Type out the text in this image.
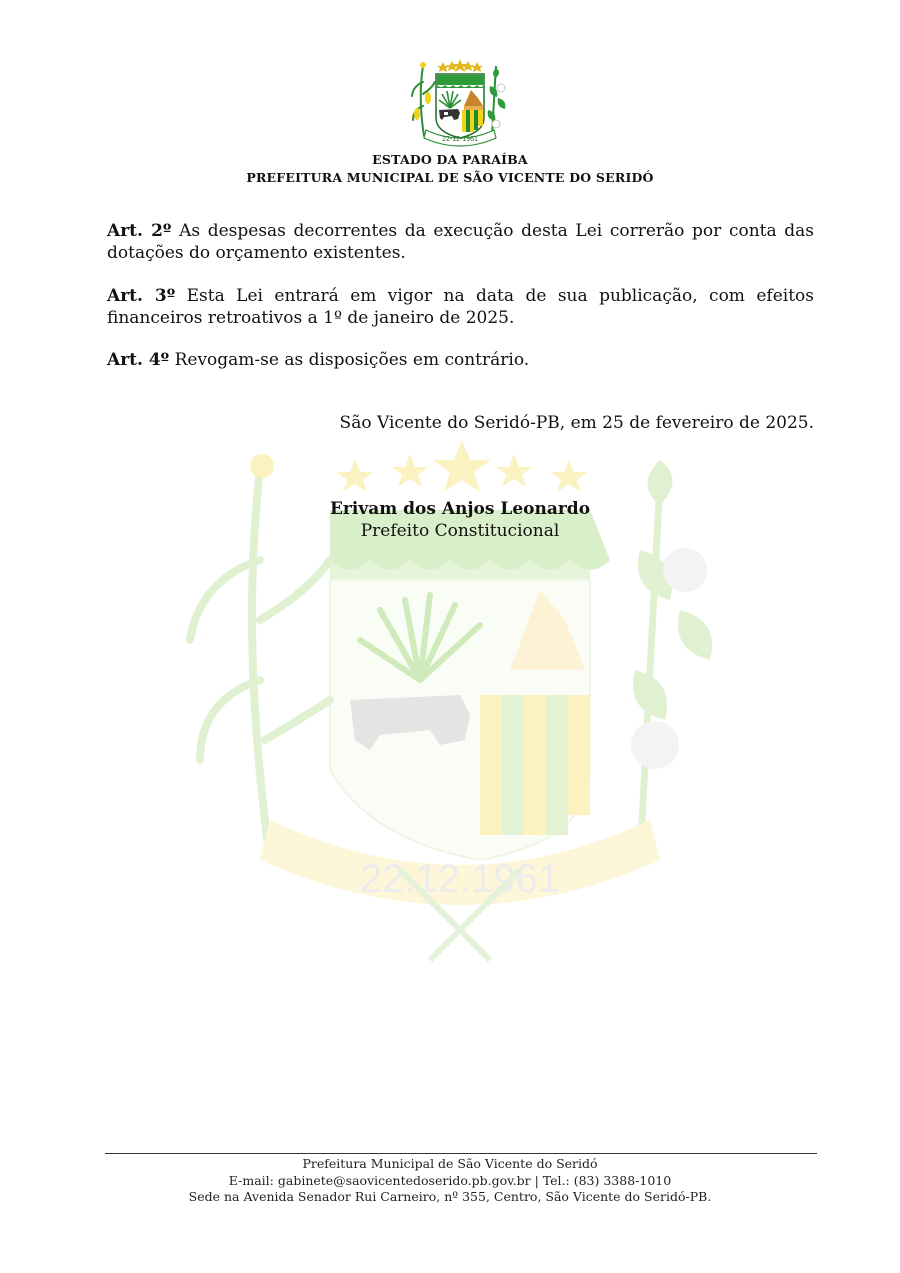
22.12.1961
22-12-1961
ESTADO DA PARAÍBA
PREFEITURA MUNICIPAL DE SÃO VICENTE DO SERIDÓ
Art. 2º As despesas decorrentes da execução desta Lei correrão por conta das dotações do orçamento existentes.
Art. 3º Esta Lei entrará em vigor na data de sua publicação, com efeitos financeiros retroativos a 1º de janeiro de 2025.
Art. 4º Revogam-se as disposições em contrário.
São Vicente do Seridó-PB, em 25 de fevereiro de 2025.
Erivam dos Anjos Leonardo
Prefeito Constitucional
Prefeitura Municipal de São Vicente do Seridó
E-mail: gabinete@saovicentedoserido.pb.gov.br | Tel.: (83) 3388-1010
Sede na Avenida Senador Rui Carneiro, nº 355, Centro, São Vicente do Seridó-PB.
